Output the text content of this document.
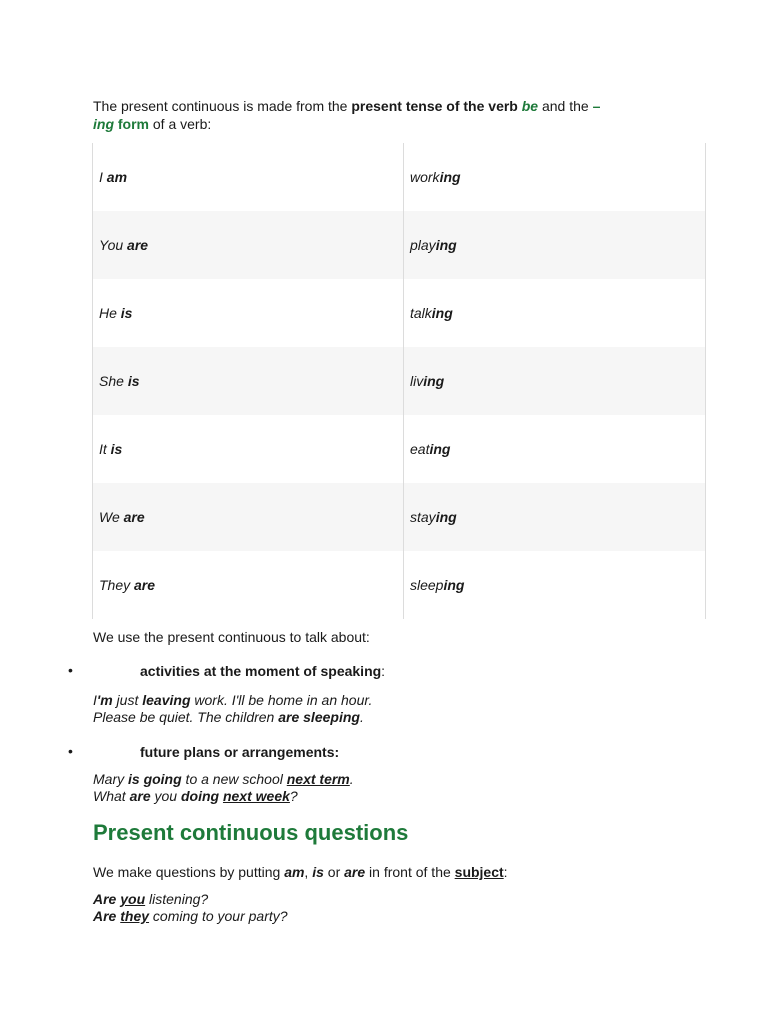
The present continuous is made from the present tense of the verb be and the –
ing form of a verb:

I am	working
You are	playing
He is	talking
She is	living
It is	eating
We are	staying
They are	sleeping
We use the present continuous to talk about:
•	activities at the moment of speaking:
I'm just leaving work. I'll be home in an hour.
Please be quiet. The children are sleeping.
•	future plans or arrangements:
Mary is going to a new school next term.
What are you doing next week?
Present continuous questions
We make questions by putting am, is or are in front of the subject:
Are you listening?
Are they coming to your party?
